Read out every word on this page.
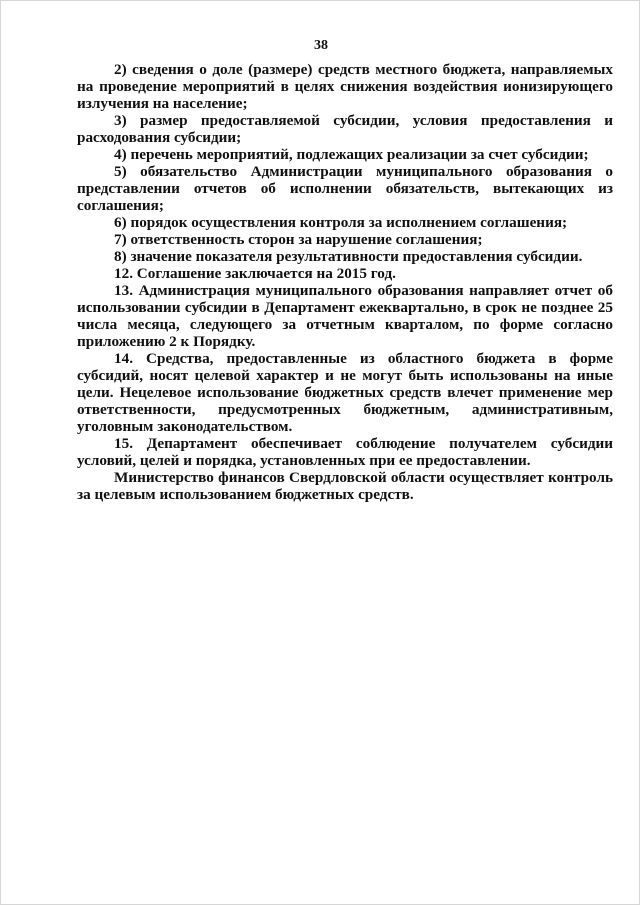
38

2) сведения о доле (размере) средств местного бюджета, направляемых на проведение мероприятий в целях снижения воздействия ионизирующего излучения на население;

3) размер предоставляемой субсидии, условия предоставления и расходования субсидии;

4) перечень мероприятий, подлежащих реализации за счет субсидии;

5) обязательство Администрации муниципального образования о представлении отчетов об исполнении обязательств, вытекающих из соглашения;

6) порядок осуществления контроля за исполнением соглашения;

7) ответственность сторон за нарушение соглашения;

8) значение показателя результативности предоставления субсидии.

12. Соглашение заключается на 2015 год.

13. Администрация муниципального образования направляет отчет об использовании субсидии в Департамент ежеквартально, в срок не позднее 25 числа месяца, следующего за отчетным кварталом, по форме согласно приложению 2 к Порядку.

14. Средства, предоставленные из областного бюджета в форме субсидий, носят целевой характер и не могут быть использованы на иные цели. Нецелевое использование бюджетных средств влечет применение мер ответственности, предусмотренных бюджетным, административным, уголовным законодательством.

15. Департамент обеспечивает соблюдение получателем субсидии условий, целей и порядка, установленных при ее предоставлении.

Министерство финансов Свердловской области осуществляет контроль за целевым использованием бюджетных средств.
